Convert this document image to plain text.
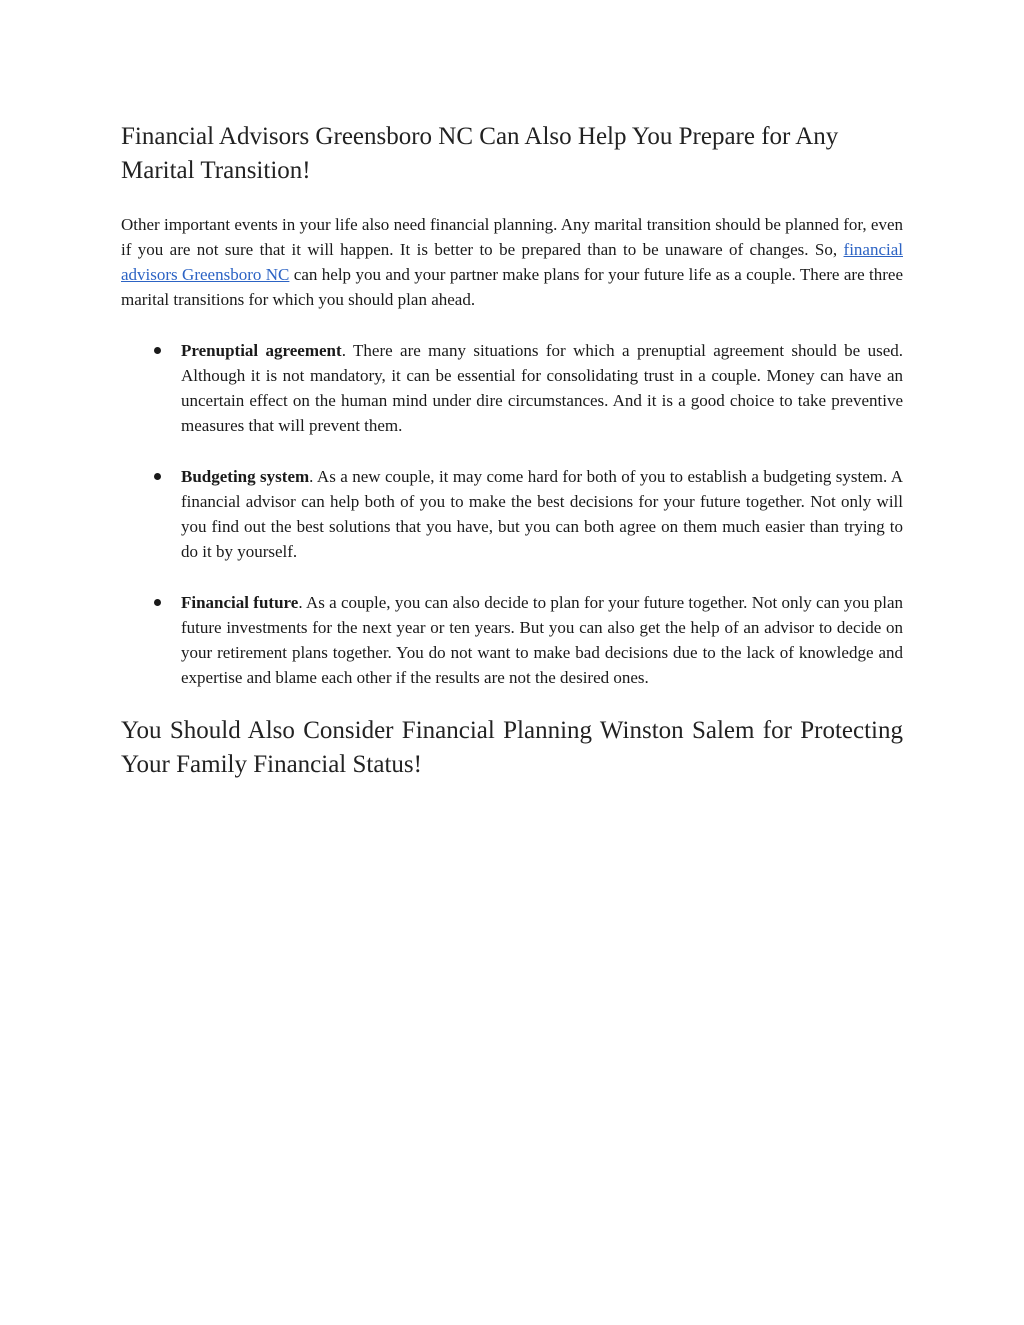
Financial Advisors Greensboro NC Can Also Help You Prepare for Any Marital Transition!

Other important events in your life also need financial planning. Any marital transition should be planned for, even if you are not sure that it will happen. It is better to be prepared than to be unaware of changes. So, financial advisors Greensboro NC can help you and your partner make plans for your future life as a couple. There are three marital transitions for which you should plan ahead.

Prenuptial agreement. There are many situations for which a prenuptial agreement should be used. Although it is not mandatory, it can be essential for consolidating trust in a couple. Money can have an uncertain effect on the human mind under dire circumstances. And it is a good choice to take preventive measures that will prevent them.
Budgeting system. As a new couple, it may come hard for both of you to establish a budgeting system. A financial advisor can help both of you to make the best decisions for your future together. Not only will you find out the best solutions that you have, but you can both agree on them much easier than trying to do it by yourself.
Financial future. As a couple, you can also decide to plan for your future together. Not only can you plan future investments for the next year or ten years. But you can also get the help of an advisor to decide on your retirement plans together. You do not want to make bad decisions due to the lack of knowledge and expertise and blame each other if the results are not the desired ones.
You Should Also Consider Financial Planning Winston Salem for Protecting Your Family Financial Status!
